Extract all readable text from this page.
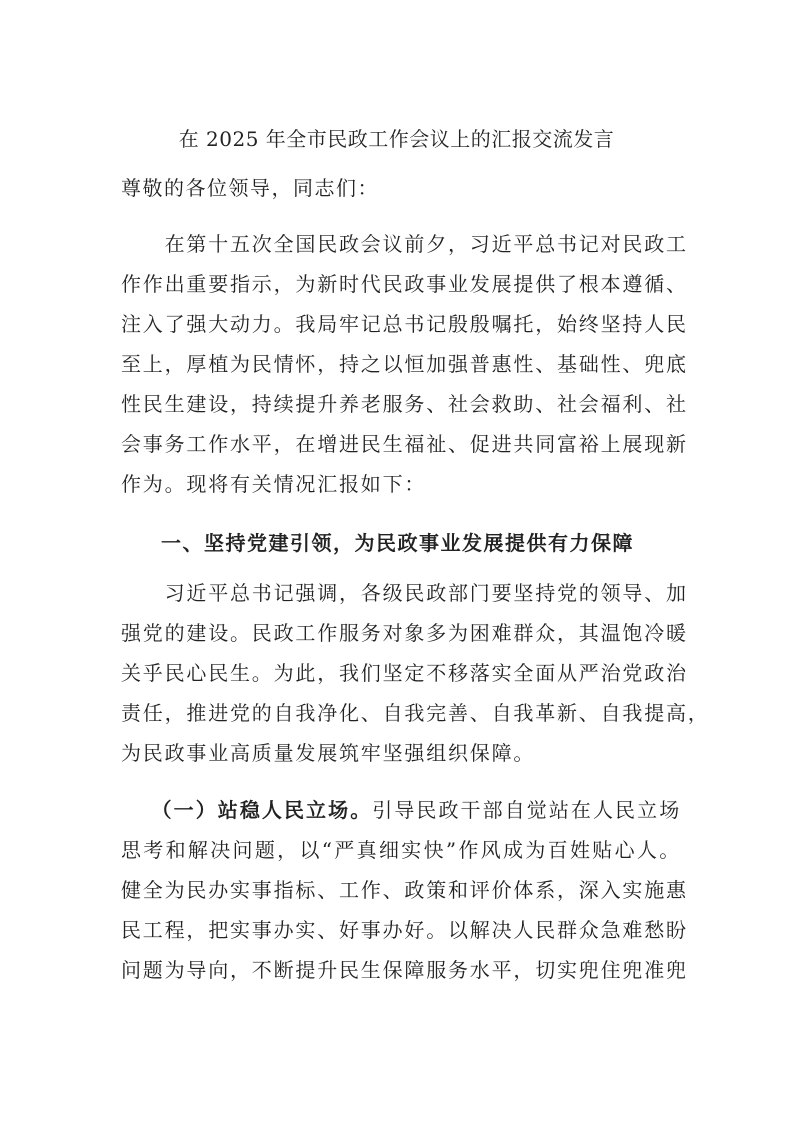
在 2025 年全市民政工作会议上的汇报交流发言

尊敬的各位领导，同志们：

　　在第十五次全国民政会议前夕，习近平总书记对民政工
作作出重要指示，为新时代民政事业发展提供了根本遵循、
注入了强大动力。我局牢记总书记殷殷嘱托，始终坚持人民
至上，厚植为民情怀，持之以恒加强普惠性、基础性、兜底
性民生建设，持续提升养老服务、社会救助、社会福利、社
会事务工作水平，在增进民生福祉、促进共同富裕上展现新
作为。现将有关情况汇报如下：

一、坚持党建引领，为民政事业发展提供有力保障

　　习近平总书记强调，各级民政部门要坚持党的领导、加
强党的建设。民政工作服务对象多为困难群众，其温饱冷暖
关乎民心民生。为此，我们坚定不移落实全面从严治党政治
责任，推进党的自我净化、自我完善、自我革新、自我提高，
为民政事业高质量发展筑牢坚强组织保障。
　　（一）站稳人民立场。引导民政干部自觉站在人民立场
思考和解决问题，以“严真细实快”作风成为百姓贴心人。
健全为民办实事指标、工作、政策和评价体系，深入实施惠
民工程，把实事办实、好事办好。以解决人民群众急难愁盼
问题为导向，不断提升民生保障服务水平，切实兜住兜准兜
